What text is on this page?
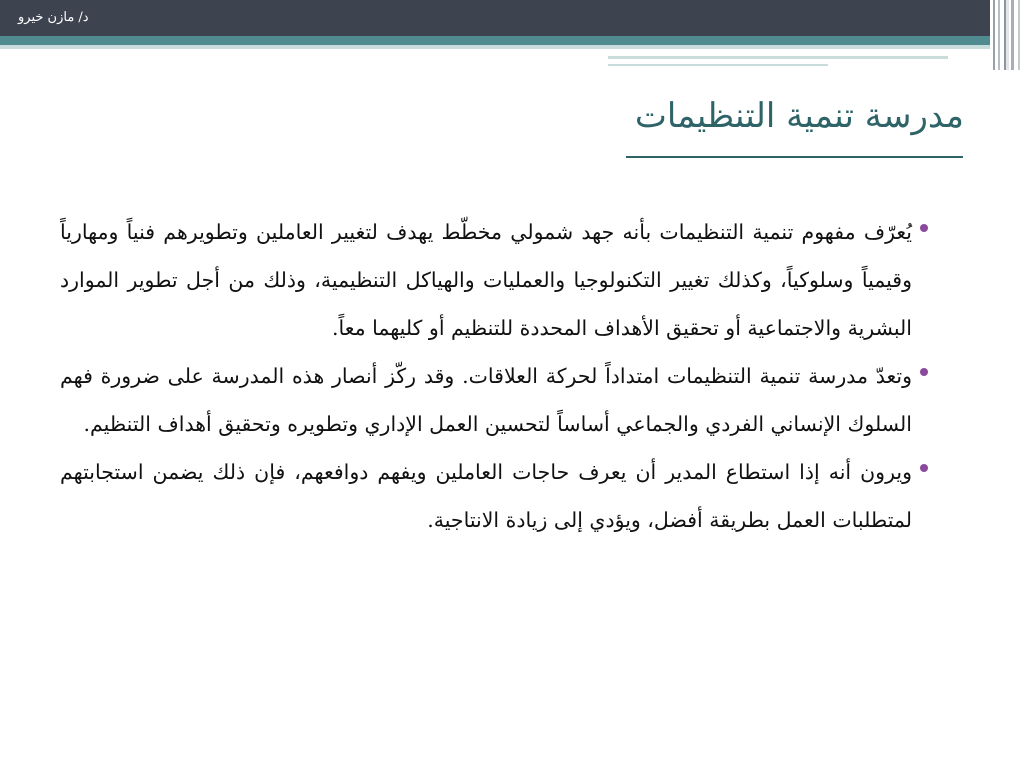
د/ مازن خيرو
مدرسة تنمية التنظيمات
يُعرّف مفهوم تنمية التنظيمات بأنه جهد شمولي مخطّط يهدف لتغيير العاملين وتطويرهم فنياً ومهارياً وقيمياً وسلوكياً، وكذلك تغيير التكنولوجيا والعمليات والهياكل التنظيمية، وذلك من أجل تطوير الموارد البشرية والاجتماعية أو تحقيق الأهداف المحددة للتنظيم أو كليهما معاً.
وتعدّ مدرسة تنمية التنظيمات امتداداً لحركة العلاقات. وقد ركّز أنصار هذه المدرسة على ضرورة فهم السلوك الإنساني الفردي والجماعي أساساً لتحسين العمل الإداري وتطويره وتحقيق أهداف التنظيم.
ويرون أنه إذا استطاع المدير أن يعرف حاجات العاملين ويفهم دوافعهم، فإن ذلك يضمن استجابتهم لمتطلبات العمل بطريقة أفضل، ويؤدي إلى زيادة الانتاجية.
